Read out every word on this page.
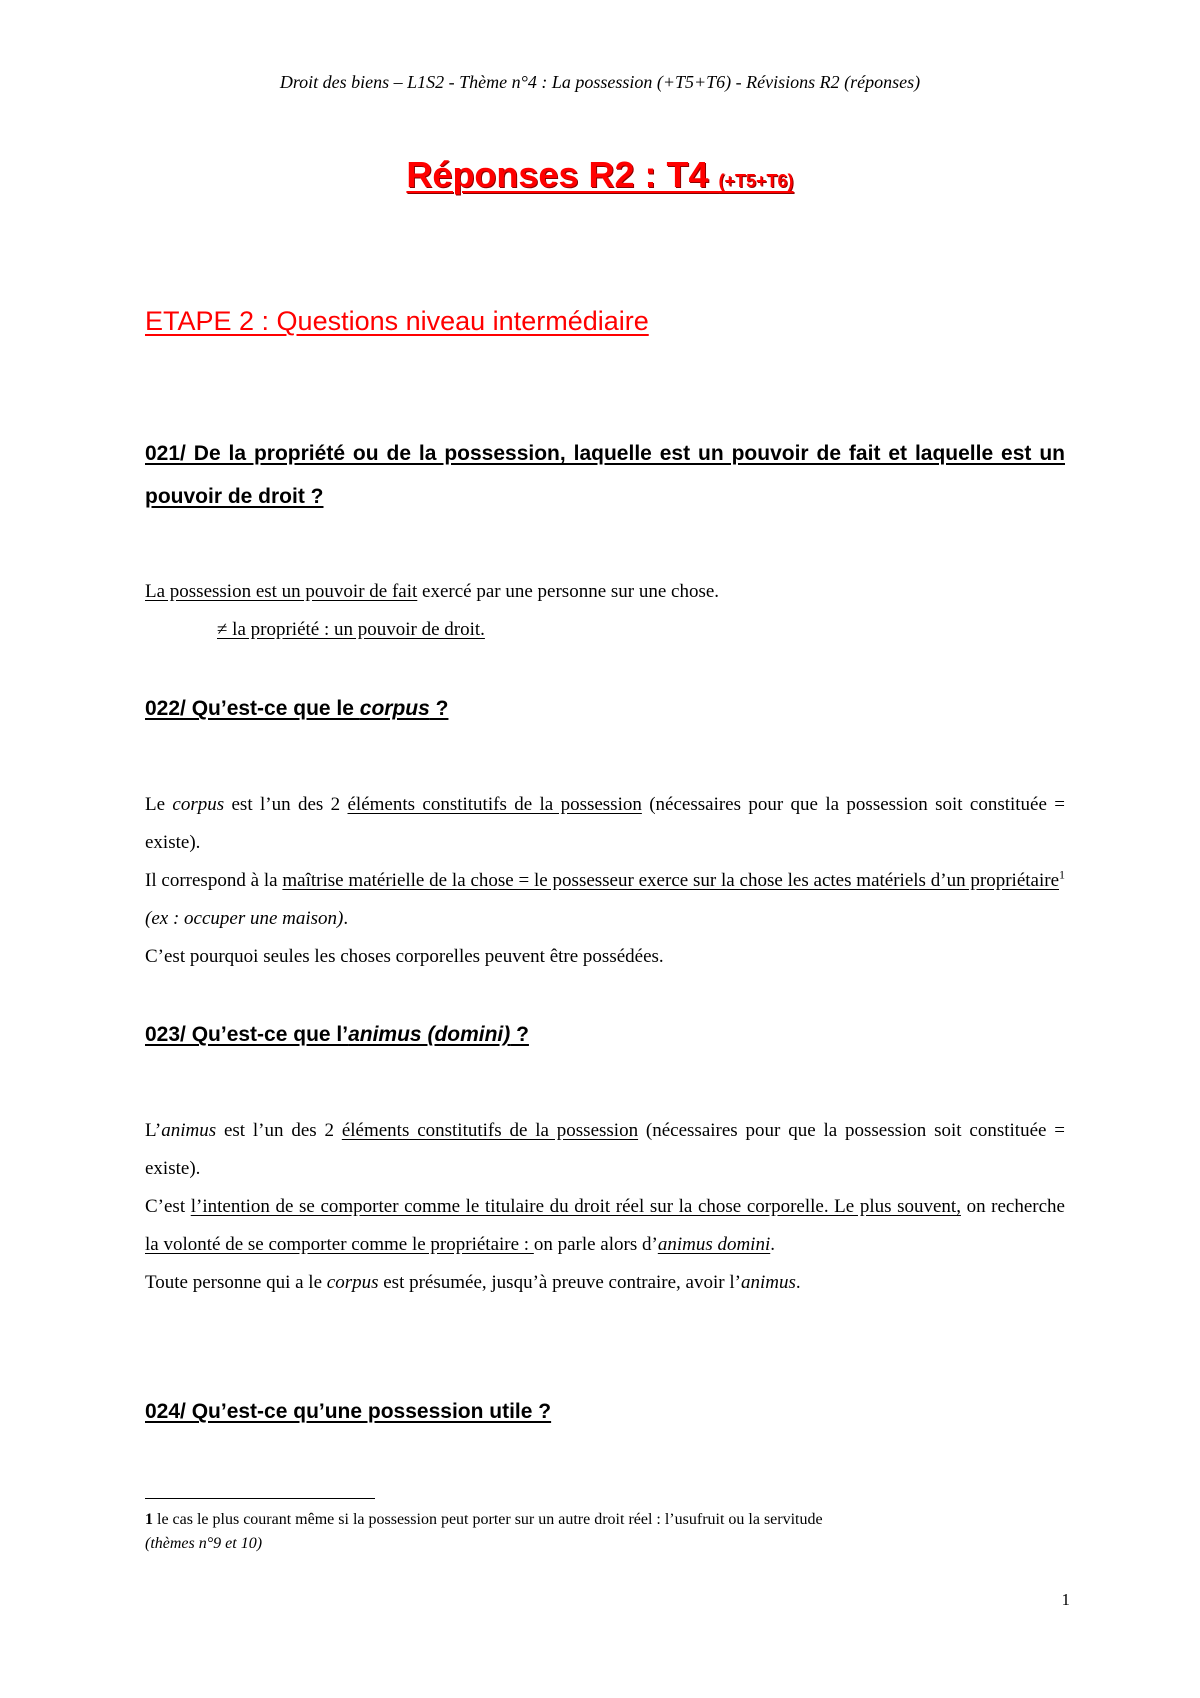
Droit des biens – L1S2 - Thème n°4 : La possession (+T5+T6) - Révisions R2 (réponses)
Réponses R2 : T4 (+T5+T6)
ETAPE 2 : Questions niveau intermédiaire
021/ De la propriété ou de la possession, laquelle est un pouvoir de fait et laquelle est un pouvoir de droit ?

La possession est un pouvoir de fait exercé par une personne sur une chose.

≠ la propriété : un pouvoir de droit.

022/ Qu’est-ce que le corpus ?

Le corpus est l’un des 2 éléments constitutifs de la possession (nécessaires pour que la possession soit constituée = existe).

Il correspond à la maîtrise matérielle de la chose = le possesseur exerce sur la chose les actes matériels d’un propriétaire$^1$ (ex : occuper une maison).

C’est pourquoi seules les choses corporelles peuvent être possédées.

023/ Qu’est-ce que l’animus (domini) ?

L’animus est l’un des 2 éléments constitutifs de la possession (nécessaires pour que la possession soit constituée = existe).

C’est l’intention de se comporter comme le titulaire du droit réel sur la chose corporelle. Le plus souvent, on recherche la volonté de se comporter comme le propriétaire : on parle alors d’animus domini.

Toute personne qui a le corpus est présumée, jusqu’à preuve contraire, avoir l’animus.

024/ Qu’est-ce qu’une possession utile ?
1 le cas le plus courant même si la possession peut porter sur un autre droit réel : l’usufruit ou la servitude
(thèmes n°9 et 10)
1
